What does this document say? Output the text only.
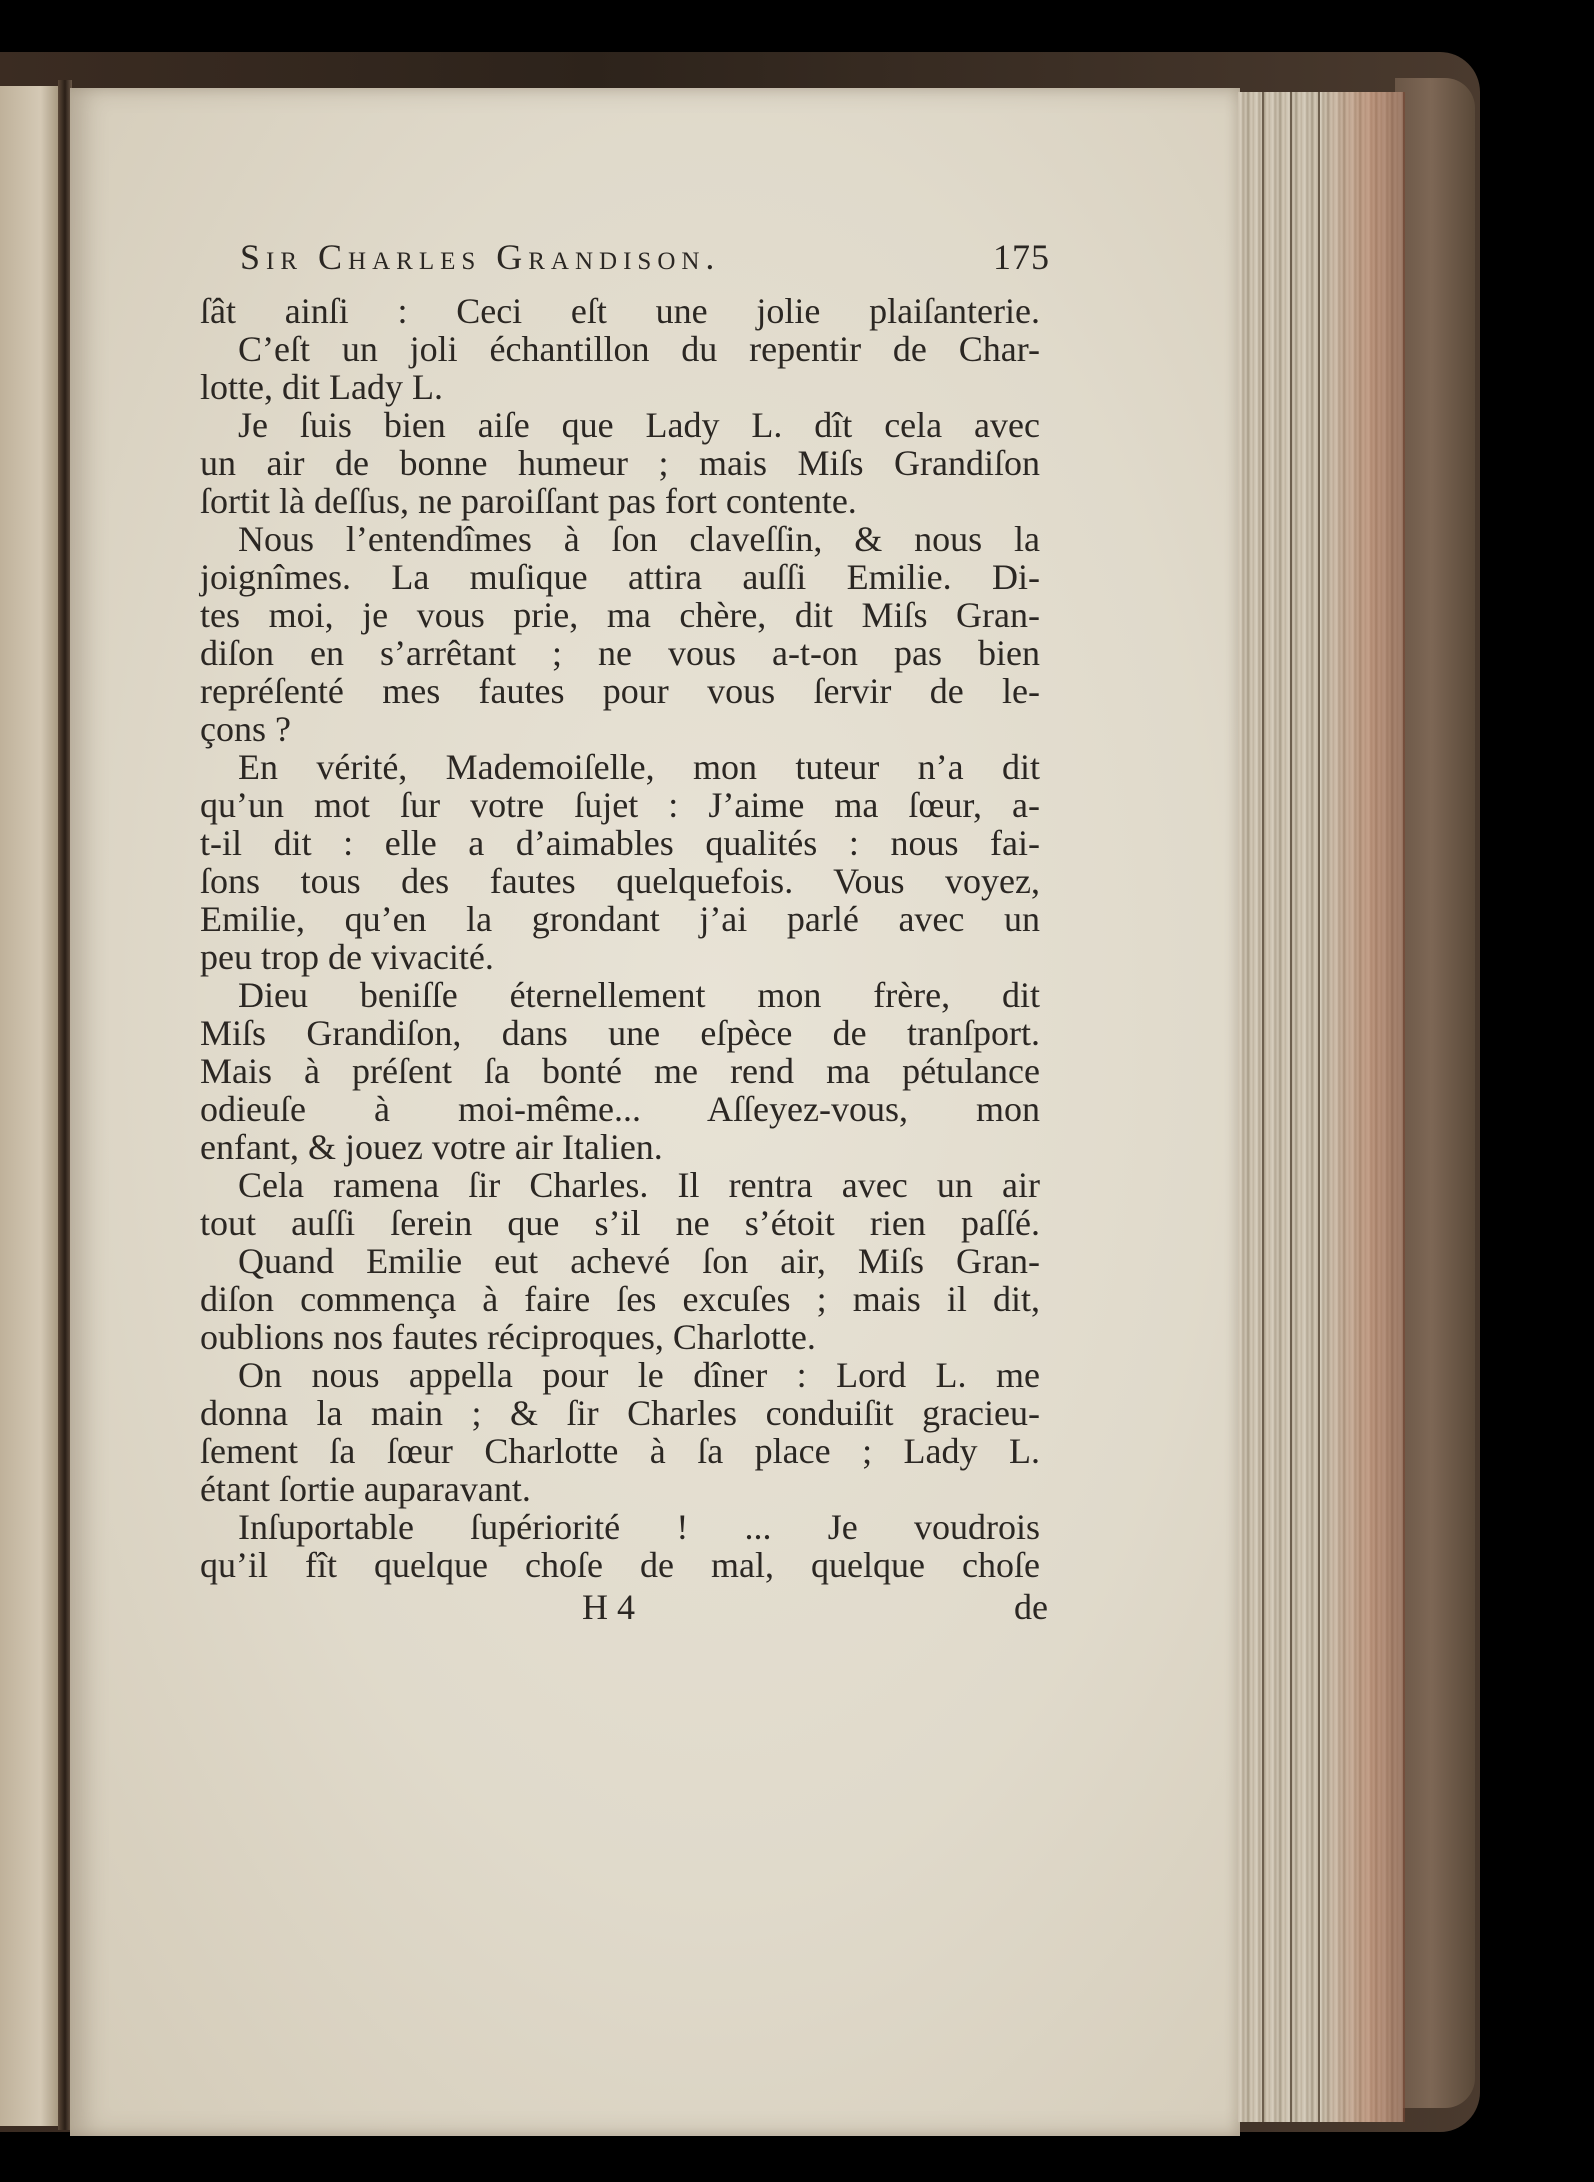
Sir Charles Grandison.	175
ſât ainſi : Ceci eſt une jolie plaiſanterie.
C’eſt un joli échantillon du repentir de Char-
lotte, dit Lady L.
Je ſuis bien aiſe que Lady L. dît cela avec
un air de bonne humeur ; mais Miſs Grandiſon
ſortit là deſſus, ne paroiſſant pas fort contente.
Nous l’entendîmes à ſon claveſſin, & nous la
joignîmes. La muſique attira auſſi Emilie. Di-
tes moi, je vous prie, ma chère, dit Miſs Gran-
diſon en s’arrêtant ; ne vous a-t-on pas bien
repréſenté mes fautes pour vous ſervir de le-
çons ?
En vérité, Mademoiſelle, mon tuteur n’a dit
qu’un mot ſur votre ſujet : J’aime ma ſœur, a-
t-il dit : elle a d’aimables qualités : nous fai-
ſons tous des fautes quelquefois. Vous voyez,
Emilie, qu’en la grondant j’ai parlé avec un
peu trop de vivacité.
Dieu beniſſe éternellement mon frère, dit
Miſs Grandiſon, dans une eſpèce de tranſport.
Mais à préſent ſa bonté me rend ma pétulance
odieuſe à moi-même... Aſſeyez-vous, mon
enfant, & jouez votre air Italien.
Cela ramena ſir Charles. Il rentra avec un air
tout auſſi ſerein que s’il ne s’étoit rien paſſé.
Quand Emilie eut achevé ſon air, Miſs Gran-
diſon commença à faire ſes excuſes ; mais il dit,
oublions nos fautes réciproques, Charlotte.
On nous appella pour le dîner : Lord L. me
donna la main ; & ſir Charles conduiſit gracieu-
ſement ſa ſœur Charlotte à ſa place ; Lady L.
étant ſortie auparavant.
Inſuportable ſupériorité ! ... Je voudrois
qu’il fît quelque choſe de mal, quelque choſe
H 4	de
